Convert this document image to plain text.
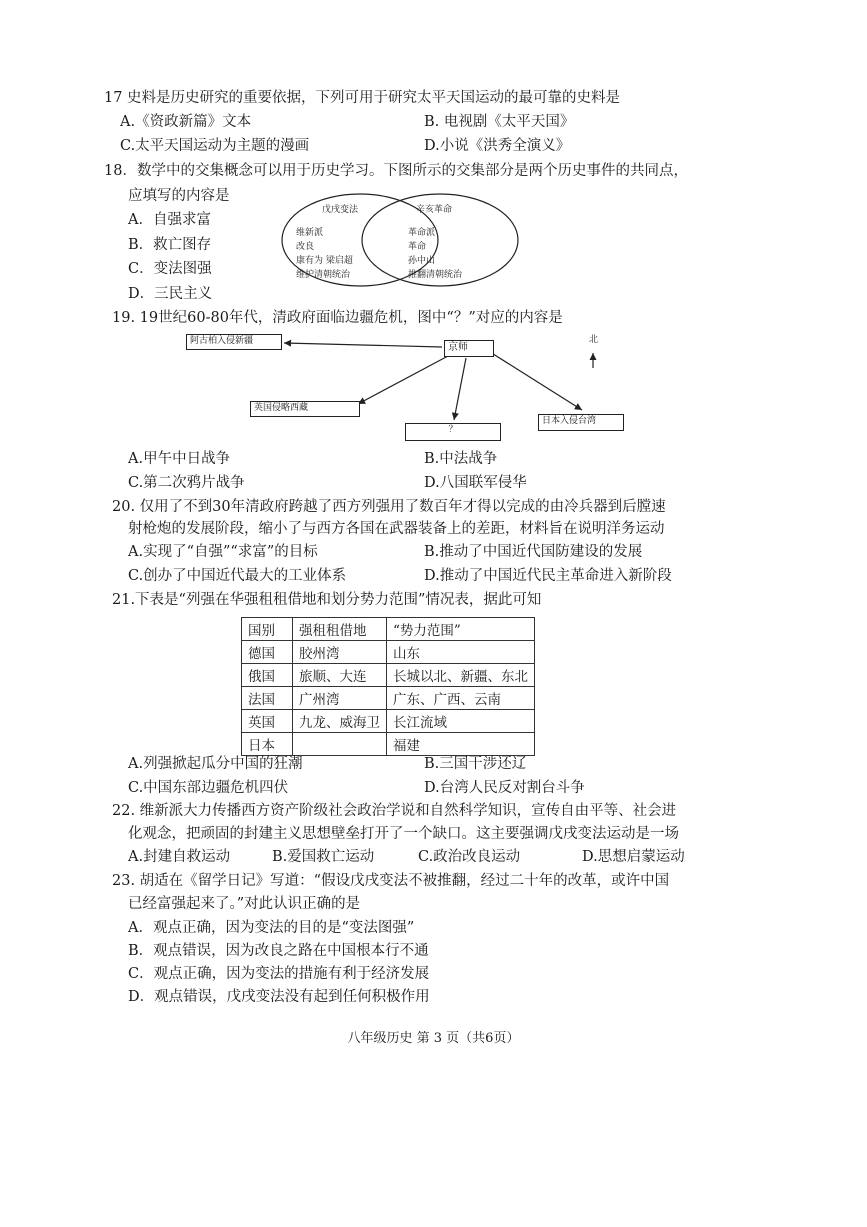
17 史料是历史研究的重要依据，下列可用于研究太平天国运动的最可靠的史料是
A.《资政新篇》文本	B. 电视剧《太平天国》
C.太平天国运动为主题的漫画	D.小说《洪秀全演义》
18．数学中的交集概念可以用于历史学习。下图所示的交集部分是两个历史事件的共同点，
应填写的内容是
A．自强求富
B．救亡图存
C．变法图强
D．三民主义
戊戌变法	辛亥革命
维新派
改良
康有为 梁启超
维护清朝统治
革命派
革命
孙中山
推翻清朝统治
19. 19世纪60-80年代，清政府面临边疆危机，图中“？”对应的内容是
阿古柏入侵新疆
京师
北
英国侵略西藏
？
日本入侵台湾
A.甲午中日战争	B.中法战争
C.第二次鸦片战争	D.八国联军侵华
20. 仅用了不到30年清政府跨越了西方列强用了数百年才得以完成的由冷兵器到后膛速
射枪炮的发展阶段，缩小了与西方各国在武器装备上的差距，材料旨在说明洋务运动
A.实现了“自强”“求富”的目标	B.推动了中国近代国防建设的发展
C.创办了中国近代最大的工业体系	D.推动了中国近代民主革命进入新阶段
21.下表是“列强在华强租租借地和划分势力范围”情况表，据此可知
国别	强租租借地	“势力范围”
德国	胶州湾	山东
俄国	旅顺、大连	长城以北、新疆、东北
法国	广州湾	广东、广西、云南
英国	九龙、威海卫	长江流域
日本		福建
A.列强掀起瓜分中国的狂潮	B.三国干涉还辽
C.中国东部边疆危机四伏	D.台湾人民反对割台斗争
22. 维新派大力传播西方资产阶级社会政治学说和自然科学知识，宣传自由平等、社会进
化观念，把顽固的封建主义思想壁垒打开了一个缺口。这主要强调戊戌变法运动是一场
A.封建自救运动	B.爱国救亡运动	C.政治改良运动	D.思想启蒙运动
23. 胡适在《留学日记》写道：“假设戊戌变法不被推翻，经过二十年的改革，或许中国
已经富强起来了。”对此认识正确的是
A．观点正确，因为变法的目的是“变法图强”
B．观点错误，因为改良之路在中国根本行不通
C．观点正确，因为变法的措施有利于经济发展
D．观点错误，戊戌变法没有起到任何积极作用
八年级历史 第 3 页（共6页）
